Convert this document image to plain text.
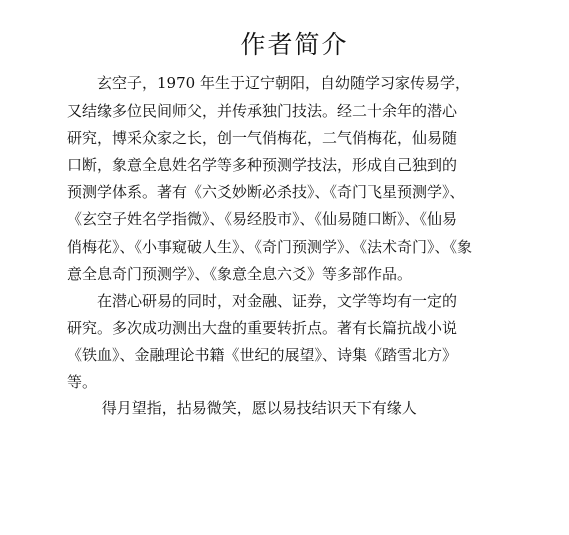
作者简介
　　玄空子，1970 年生于辽宁朝阳，自幼随学习家传易学，
又结缘多位民间师父，并传承独门技法。经二十余年的潜心
研究，博采众家之长，创一气俏梅花，二气俏梅花，仙易随
口断，象意全息姓名学等多种预测学技法，形成自己独到的
预测学体系。著有《六爻妙断必杀技》、《奇门飞星预测学》、
《玄空子姓名学指微》、《易经股市》、《仙易随口断》、《仙易
俏梅花》、《小事窥破人生》、《奇门预测学》、《法术奇门》、《象
意全息奇门预测学》、《象意全息六爻》等多部作品。
　　在潜心研易的同时，对金融、证券，文学等均有一定的
研究。多次成功测出大盘的重要转折点。著有长篇抗战小说
《铁血》、金融理论书籍《世纪的展望》、诗集《踏雪北方》
等。
　　 得月望指，拈易微笑，愿以易技结识天下有缘人
